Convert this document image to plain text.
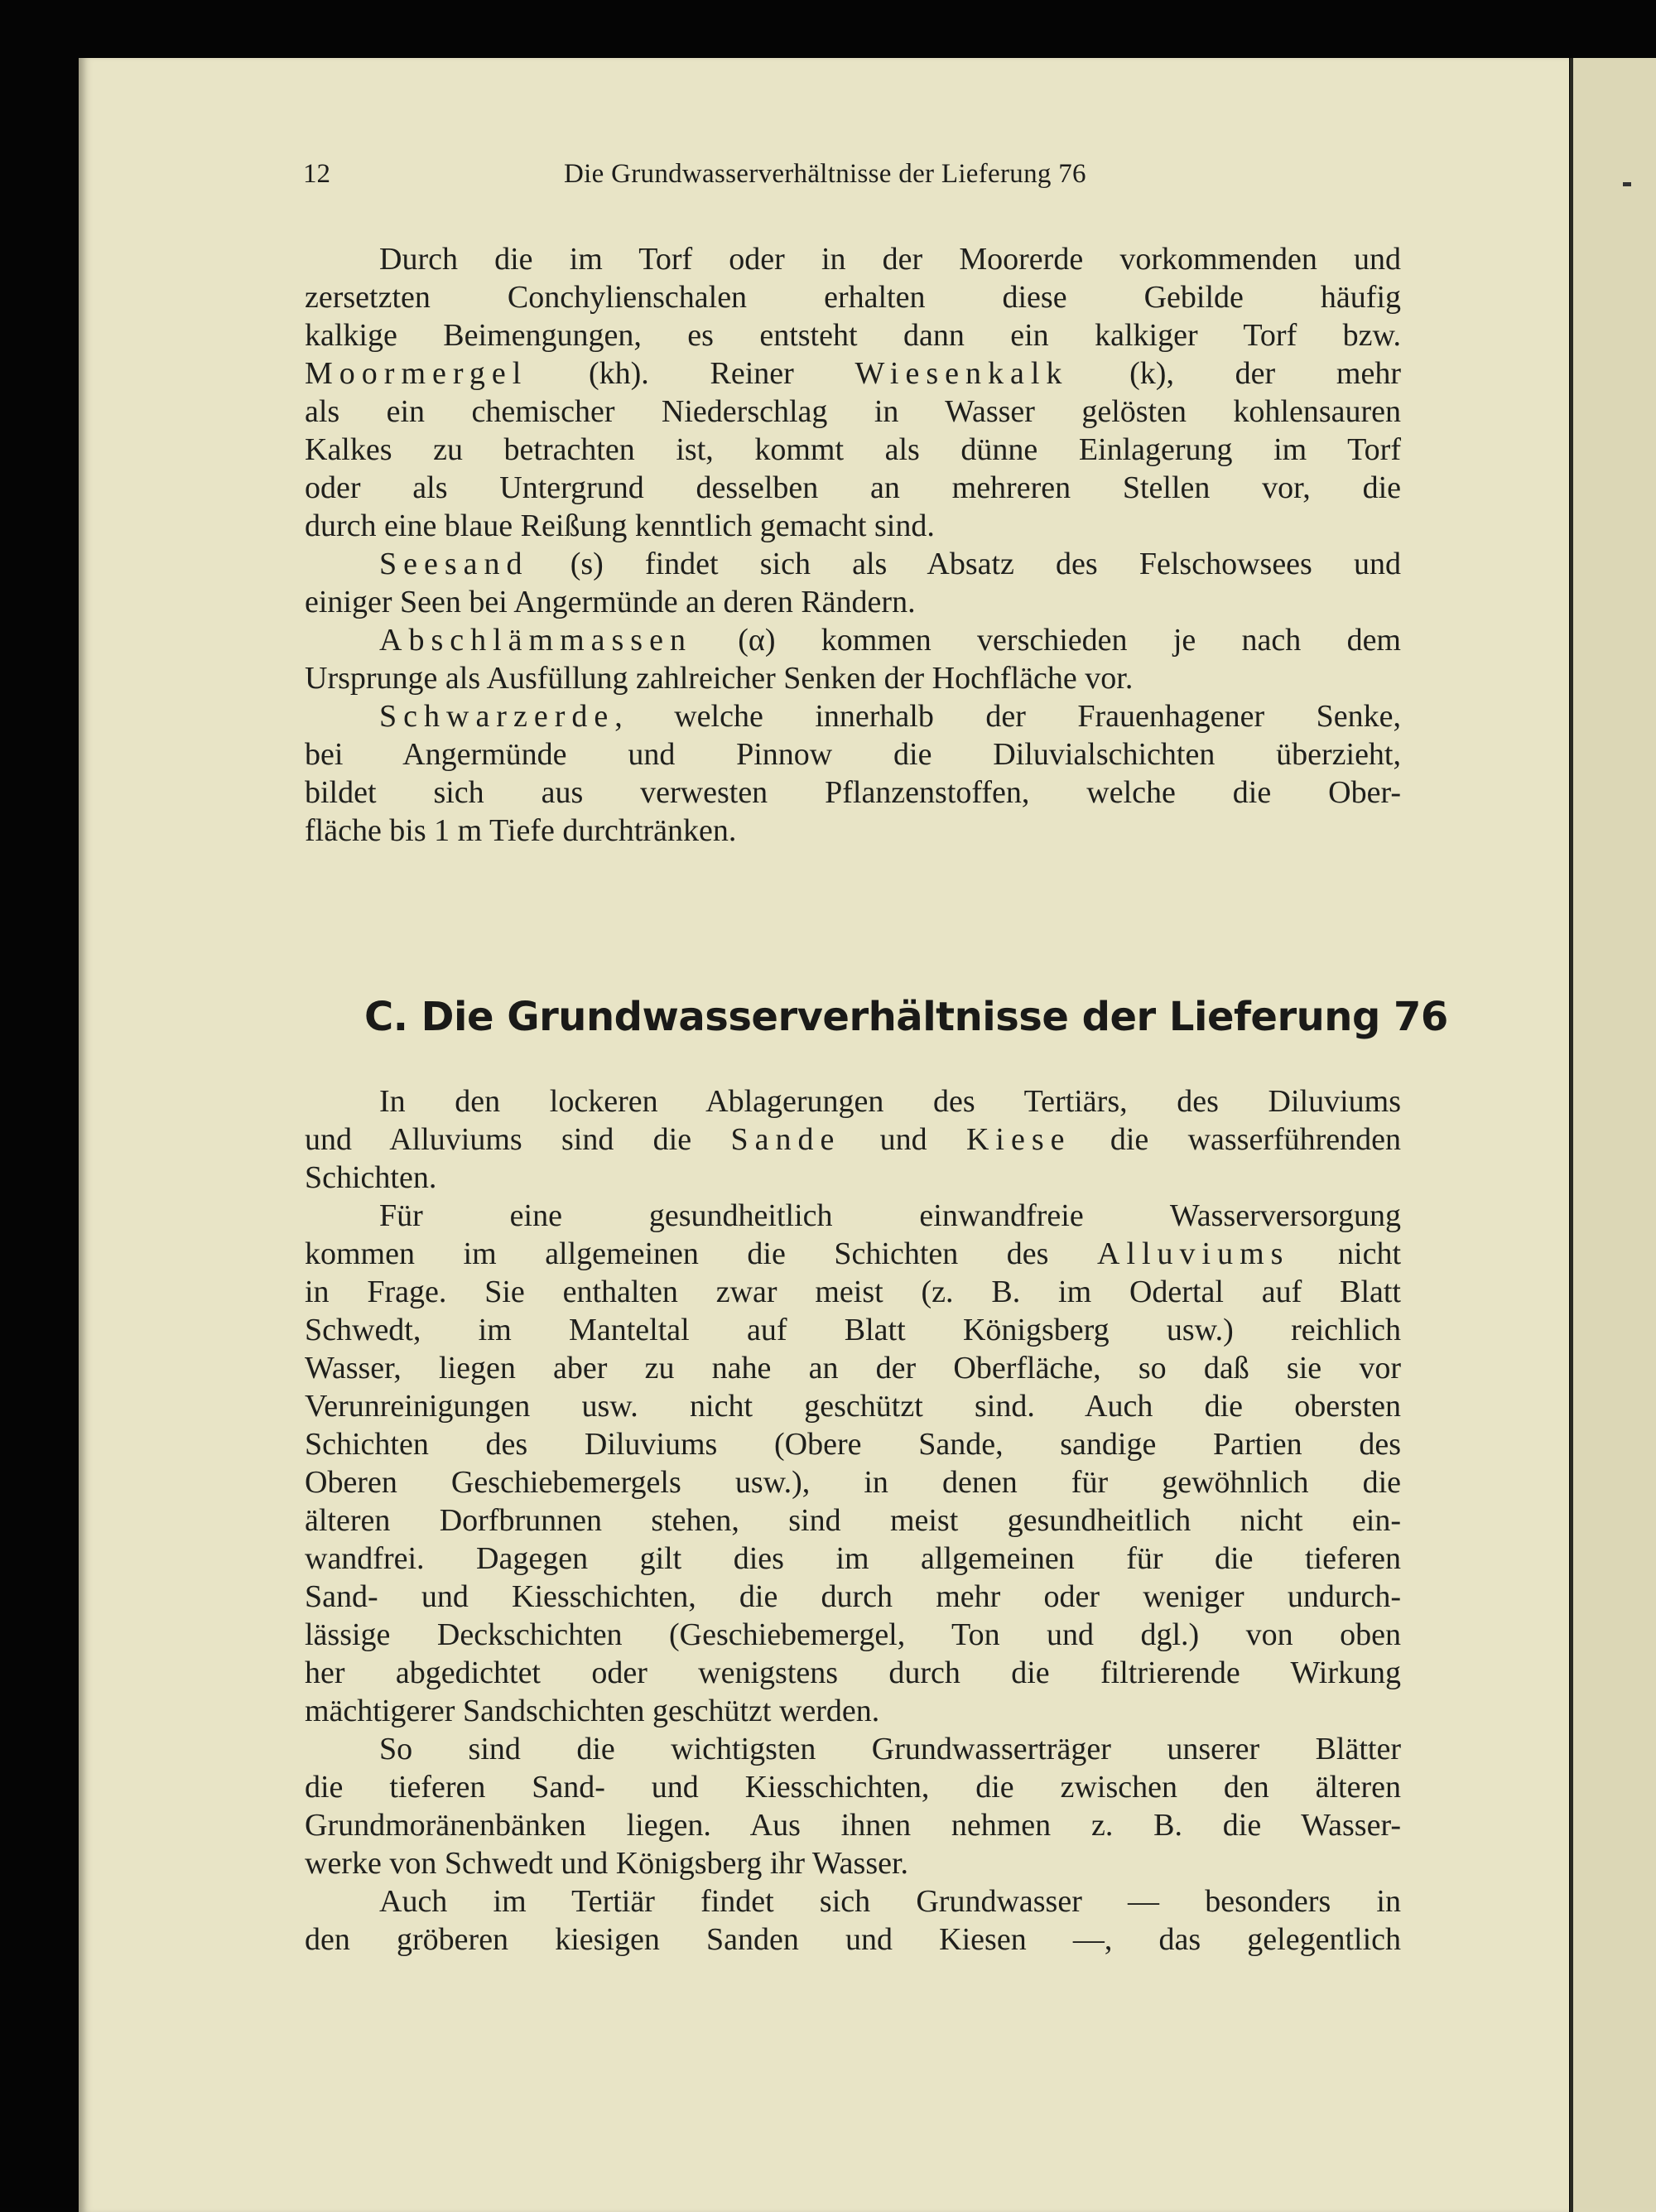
12	Die Grundwasserverhältnisse der Lieferung 76
Durch die im Torf oder in der Moorerde vorkommenden und
zersetzten Conchylienschalen erhalten diese Gebilde häufig
kalkige Beimengungen, es entsteht dann ein kalkiger Torf bzw.
Moormergel (kh). Reiner Wiesenkalk (k), der mehr
als ein chemischer Niederschlag in Wasser gelösten kohlensauren
Kalkes zu betrachten ist, kommt als dünne Einlagerung im Torf
oder als Untergrund desselben an mehreren Stellen vor, die
durch eine blaue Reißung kenntlich gemacht sind.
Seesand (s) findet sich als Absatz des Felschowsees und
einiger Seen bei Angermünde an deren Rändern.
Abschlämmassen (α) kommen verschieden je nach dem
Ursprunge als Ausfüllung zahlreicher Senken der Hochfläche vor.
Schwarzerde, welche innerhalb der Frauenhagener Senke,
bei Angermünde und Pinnow die Diluvialschichten überzieht,
bildet sich aus verwesten Pflanzenstoffen, welche die Ober-
fläche bis 1 m Tiefe durchtränken.
C. Die Grundwasserverhältnisse der Lieferung 76
In den lockeren Ablagerungen des Tertiärs, des Diluviums
und Alluviums sind die Sande und Kiese die wasserführenden
Schichten.
Für eine gesundheitlich einwandfreie Wasserversorgung
kommen im allgemeinen die Schichten des Alluviums nicht
in Frage. Sie enthalten zwar meist (z. B. im Odertal auf Blatt
Schwedt, im Manteltal auf Blatt Königsberg usw.) reichlich
Wasser, liegen aber zu nahe an der Oberfläche, so daß sie vor
Verunreinigungen usw. nicht geschützt sind. Auch die obersten
Schichten des Diluviums (Obere Sande, sandige Partien des
Oberen Geschiebemergels usw.), in denen für gewöhnlich die
älteren Dorfbrunnen stehen, sind meist gesundheitlich nicht ein-
wandfrei. Dagegen gilt dies im allgemeinen für die tieferen
Sand- und Kiesschichten, die durch mehr oder weniger undurch-
lässige Deckschichten (Geschiebemergel, Ton und dgl.) von oben
her abgedichtet oder wenigstens durch die filtrierende Wirkung
mächtigerer Sandschichten geschützt werden.
So sind die wichtigsten Grundwasserträger unserer Blätter
die tieferen Sand- und Kiesschichten, die zwischen den älteren
Grundmoränenbänken liegen. Aus ihnen nehmen z. B. die Wasser-
werke von Schwedt und Königsberg ihr Wasser.
Auch im Tertiär findet sich Grundwasser — besonders in
den gröberen kiesigen Sanden und Kiesen —, das gelegentlich
